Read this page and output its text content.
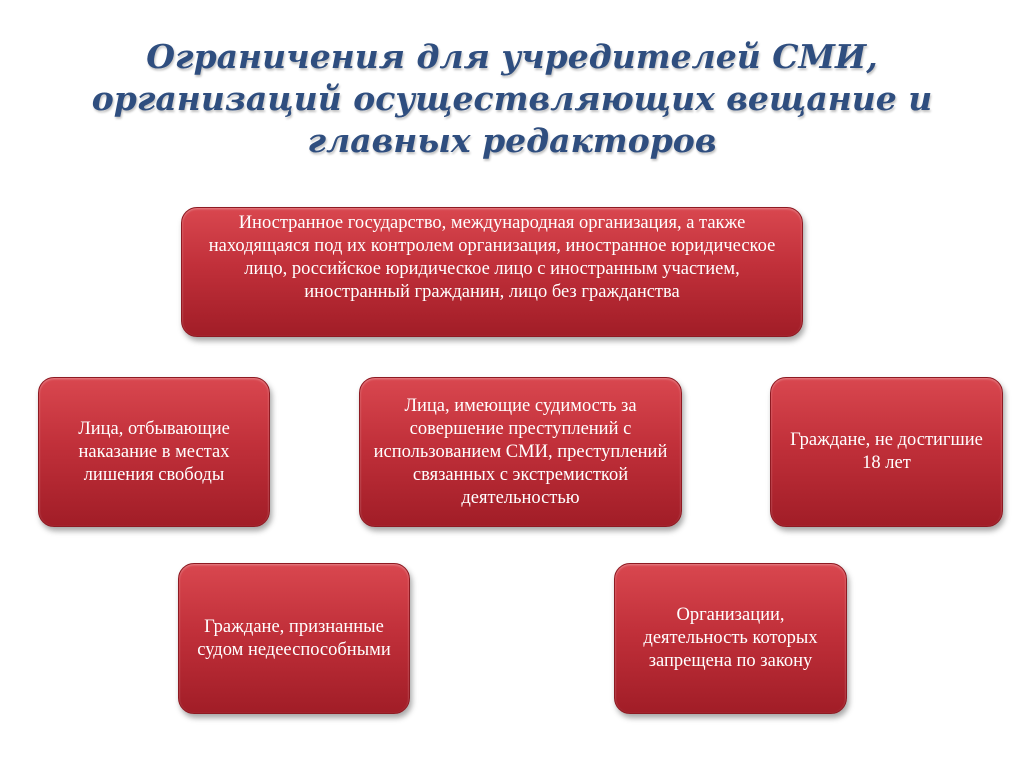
Ограничения для учредителей СМИ,
организаций осуществляющих вещание и
главных редакторов
Иностранное государство, международная организация, а также находящаяся под их контролем организация, иностранное юридическое лицо, российское юридическое лицо с иностранным участием, иностранный гражданин, лицо без гражданства
Лица, отбывающие наказание в местах лишения свободы
Лица, имеющие судимость за совершение преступлений с использованием СМИ, преступлений связанных с экстремисткой деятельностью
Граждане, не достигшие 18 лет
Граждане, признанные судом недееспособными
Организации, деятельность которых запрещена по закону
